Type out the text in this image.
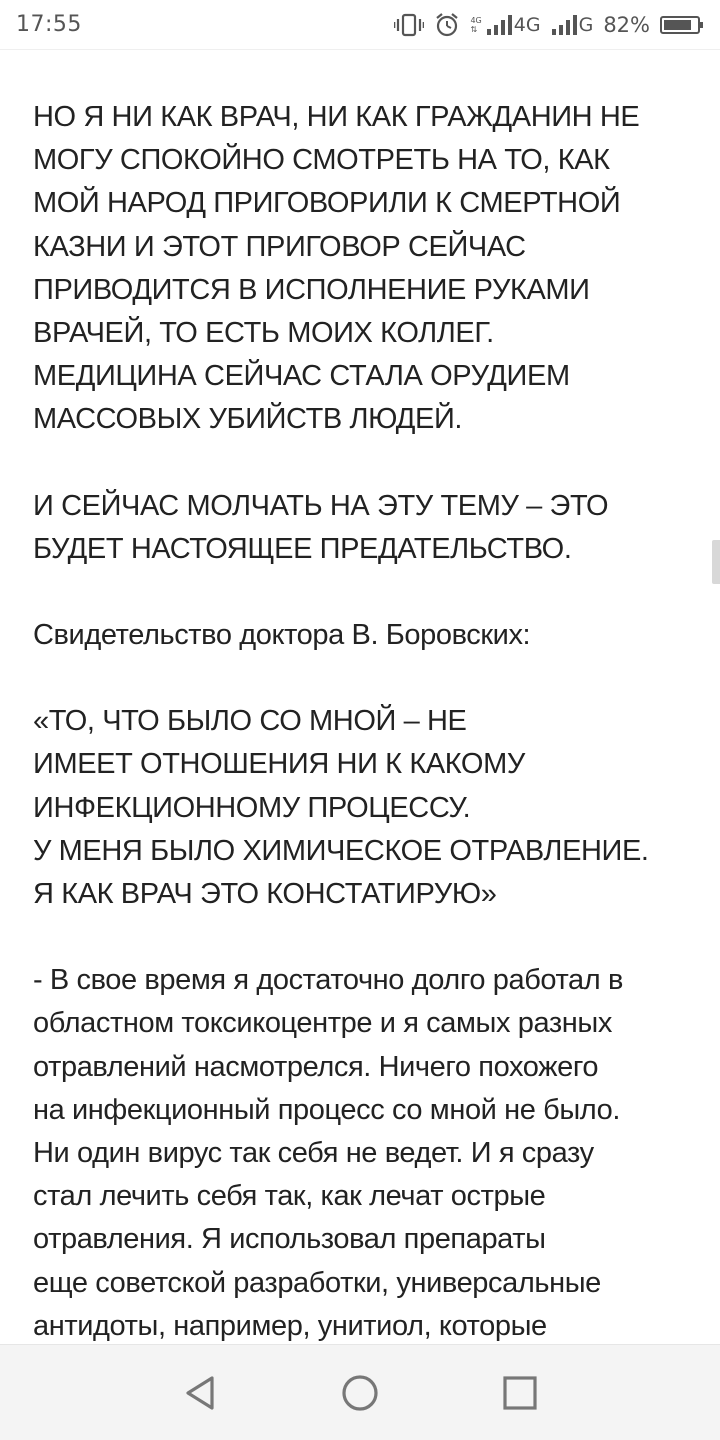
17:55	4G
⇅ 4G G 82%

НО Я НИ КАК ВРАЧ, НИ КАК ГРАЖДАНИН НЕ
МОГУ СПОКОЙНО СМОТРЕТЬ НА ТО, КАК
МОЙ НАРОД ПРИГОВОРИЛИ К СМЕРТНОЙ
КАЗНИ И ЭТОТ ПРИГОВОР СЕЙЧАС
ПРИВОДИТСЯ В ИСПОЛНЕНИЕ РУКАМИ
ВРАЧЕЙ, ТО ЕСТЬ МОИХ КОЛЛЕГ.
МЕДИЦИНА СЕЙЧАС СТАЛА ОРУДИЕМ
МАССОВЫХ УБИЙСТВ ЛЮДЕЙ.

И СЕЙЧАС МОЛЧАТЬ НА ЭТУ ТЕМУ – ЭТО
БУДЕТ НАСТОЯЩЕЕ ПРЕДАТЕЛЬСТВО.

Свидетельство доктора В. Боровских:

«ТО, ЧТО БЫЛО СО МНОЙ – НЕ
ИМЕЕТ ОТНОШЕНИЯ НИ К КАКОМУ
ИНФЕКЦИОННОМУ ПРОЦЕССУ.
У МЕНЯ БЫЛО ХИМИЧЕСКОЕ ОТРАВЛЕНИЕ.
Я КАК ВРАЧ ЭТО КОНСТАТИРУЮ»

- В свое время я достаточно долго работал в
областном токсикоцентре и я самых разных
отравлений насмотрелся. Ничего похожего
на инфекционный процесс со мной не было.
Ни один вирус так себя не ведет. И я сразу
стал лечить себя так, как лечат острые
отравления. Я использовал препараты
еще советской разработки, универсальные
антидоты, например, унитиол, которые
